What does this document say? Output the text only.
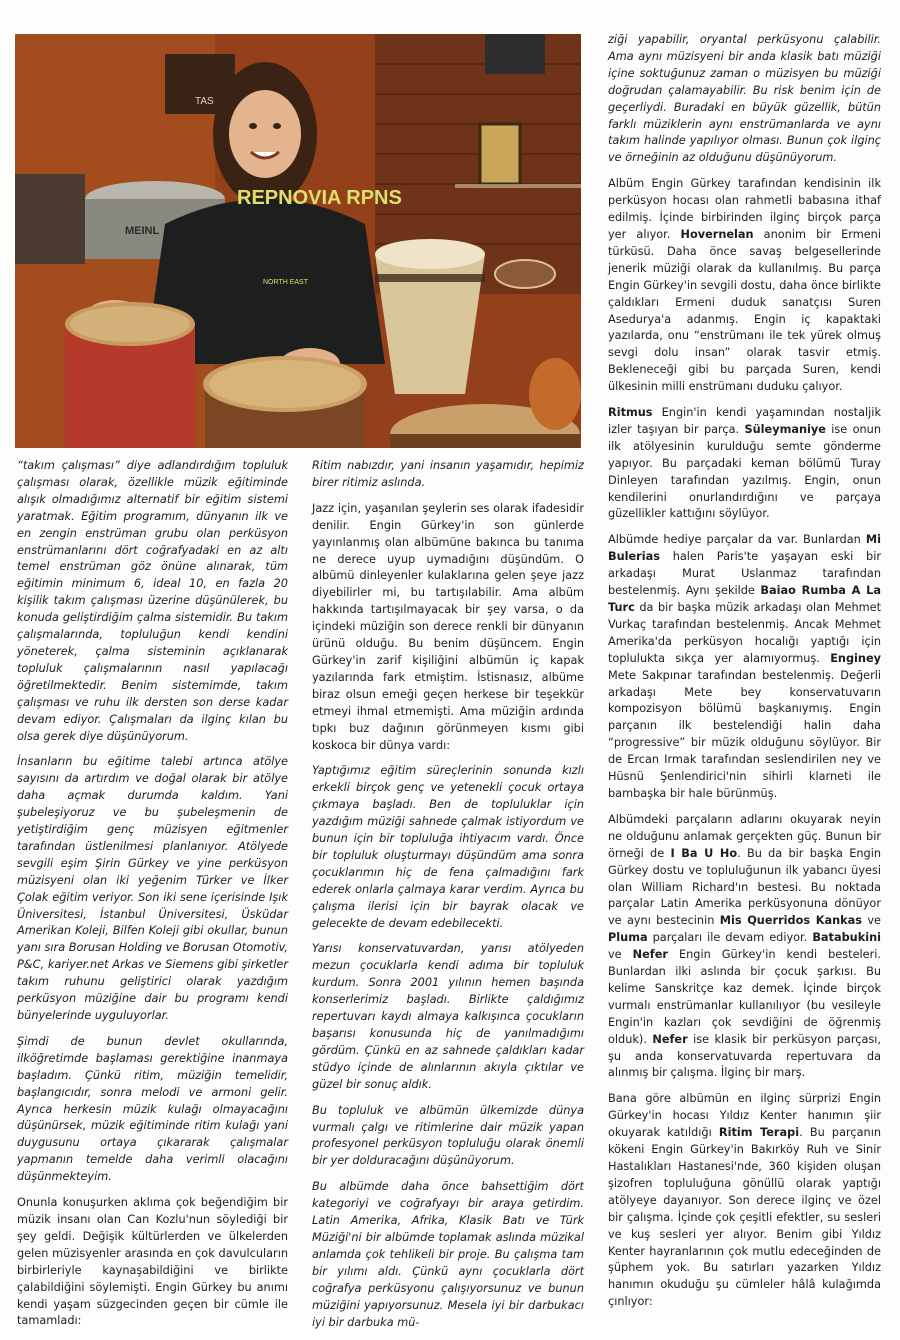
TAS
MEINL
REPNOVIA RPNS
NORTH EAST

“takım çalışması” diye adlandırdığım topluluk çalışması olarak, özellikle müzik eğitiminde alışık olmadığımız alternatif bir eğitim sistemi yaratmak. Eğitim programım, dünyanın ilk ve en zengin enstrüman grubu olan perküsyon enstrümanlarını dört coğrafyadaki en az altı temel enstrüman göz önüne alınarak, tüm eğitimin minimum 6, ideal 10, en fazla 20 kişilik takım çalışması üzerine düşünülerek, bu konuda geliştirdiğim çalma sistemidir. Bu takım çalışmalarında, topluluğun kendi kendini yöneterek, çalma sisteminin açıklanarak topluluk çalışmalarının nasıl yapılacağı öğretilmektedir. Benim sistemimde, takım çalışması ve ruhu ilk dersten son derse kadar devam ediyor. Çalışmaları da ilginç kılan bu olsa gerek diye düşünüyorum.

İnsanların bu eğitime talebi artınca atölye sayısını da artırdım ve doğal olarak bir atölye daha açmak durumda kaldım. Yani şubeleşiyoruz ve bu şubeleşmenin de yetiştirdiğim genç müzisyen eğitmenler tarafından üstlenilmesi planlanıyor. Atölyede sevgili eşim Şirin Gürkey ve yine perküsyon müzisyeni olan iki yeğenim Türker ve İlker Çolak eğitim veriyor. Son iki sene içerisinde Işık Üniversitesi, İstanbul Üniversitesi, Üsküdar Amerikan Koleji, Bilfen Koleji gibi okullar, bunun yanı sıra Borusan Holding ve Borusan Otomotiv, P&C, kariyer.net Arkas ve Siemens gibi şirketler takım ruhunu geliştirici olarak yazdığım perküsyon müziğine dair bu programı kendi bünyelerinde uyguluyorlar.

Şimdi de bunun devlet okullarında, ilköğretimde başlaması gerektiğine inanmaya başladım. Çünkü ritim, müziğin temelidir, başlangıcıdır, sonra melodi ve armoni gelir. Ayrıca herkesin müzik kulağı olmayacağını düşünürsek, müzik eğitiminde ritim kulağı yani duygusunu ortaya çıkararak çalışmalar yapmanın temelde daha verimli olacağını düşünmekteyim.

Onunla konuşurken aklıma çok beğendiğim bir müzik insanı olan Can Kozlu'nun söylediği bir şey geldi. Değişik kültürlerden ve ülkelerden gelen müzisyenler arasında en çok davulcuların birbirleriyle kaynaşabildiğini ve birlikte çalabildiğini söylemişti. Engin Gürkey bu anımı kendi yaşam süzgecinden geçen bir cümle ile tamamladı:

Ritim nabızdır, yani insanın yaşamıdır, hepimiz birer ritimiz aslında.

Jazz için, yaşanılan şeylerin ses olarak ifadesidir denilir. Engin Gürkey'in son günlerde yayınlanmış olan albümüne bakınca bu tanıma ne derece uyup uymadığını düşündüm. O albümü dinleyenler kulaklarına gelen şeye jazz diyebilirler mi, bu tartışılabilir. Ama albüm hakkında tartışılmayacak bir şey varsa, o da içindeki müziğin son derece renkli bir dünyanın ürünü olduğu. Bu benim düşüncem. Engin Gürkey'in zarif kişiliğini albümün iç kapak yazılarında fark etmiştim. İstisnasız, albüme biraz olsun emeği geçen herkese bir teşekkür etmeyi ihmal etmemişti. Ama müziğin ardında tıpkı buz dağının görünmeyen kısmı gibi koskoca bir dünya vardı:

Yaptığımız eğitim süreçlerinin sonunda kızlı erkekli birçok genç ve yetenekli çocuk ortaya çıkmaya başladı. Ben de topluluklar için yazdığım müziği sahnede çalmak istiyordum ve bunun için bir topluluğa ihtiyacım vardı. Önce bir topluluk oluşturmayı düşündüm ama sonra çocuklarımın hiç de fena çalmadığını fark ederek onlarla çalmaya karar verdim. Ayrıca bu çalışma ilerisi için bir bayrak olacak ve gelecekte de devam edebilecekti.

Yarısı konservatuvardan, yarısı atölyeden mezun çocuklarla kendi adıma bir topluluk kurdum. Sonra 2001 yılının hemen başında konserlerimiz başladı. Birlikte çaldığımız repertuvarı kaydı almaya kalkışınca çocukların başarısı konusunda hiç de yanılmadığımı gördüm. Çünkü en az sahnede çaldıkları kadar stüdyo içinde de alınlarının akıyla çıktılar ve güzel bir sonuç aldık.

Bu topluluk ve albümün ülkemizde dünya vurmalı çalgı ve ritimlerine dair müzik yapan profesyonel perküsyon topluluğu olarak önemli bir yer dolduracağını düşünüyorum.

Bu albümde daha önce bahsettiğim dört kategoriyi ve coğrafyayı bir araya getirdim. Latin Amerika, Afrika, Klasik Batı ve Türk Müziği'ni bir albümde toplamak aslında müzikal anlamda çok tehlikeli bir proje. Bu çalışma tam bir yılımı aldı. Çünkü aynı çocuklarla dört coğrafya perküsyonu çalışıyorsunuz ve bunun müziğini yapıyorsunuz. Mesela iyi bir darbukacı iyi bir darbuka mü-

ziği yapabilir, oryantal perküsyonu çalabilir. Ama aynı müzisyeni bir anda klasik batı müziği içine soktuğunuz zaman o müzisyen bu müziği doğrudan çalamayabilir. Bu risk benim için de geçerliydi. Buradaki en büyük güzellik, bütün farklı müziklerin aynı enstrümanlarda ve aynı takım halinde yapılıyor olması. Bunun çok ilginç ve örneğinin az olduğunu düşünüyorum.

Albüm Engin Gürkey tarafından kendisinin ilk perküsyon hocası olan rahmetli babasına ithaf edilmiş. İçinde birbirinden ilginç birçok parça yer alıyor. Hovernelan anonim bir Ermeni türküsü. Daha önce savaş belgesellerinde jenerik müziği olarak da kullanılmış. Bu parça Engin Gürkey'in sevgili dostu, daha önce birlikte çaldıkları Ermeni duduk sanatçısı Suren Asedurya'a adanmış. Engin iç kapaktaki yazılarda, onu “enstrümanı ile tek yürek olmuş sevgi dolu insan” olarak tasvir etmiş. Bekleneceği gibi bu parçada Suren, kendi ülkesinin milli enstrümanı duduku çalıyor.

Ritmus Engin'in kendi yaşamından nostaljik izler taşıyan bir parça. Süleymaniye ise onun ilk atölyesinin kurulduğu semte gönderme yapıyor. Bu parçadaki keman bölümü Turay Dinleyen tarafından yazılmış. Engin, onun kendilerini onurlandırdığını ve parçaya güzellikler kattığını söylüyor.

Albümde hediye parçalar da var. Bunlardan Mi Bulerias halen Paris'te yaşayan eski bir arkadaşı Murat Uslanmaz tarafından bestelenmiş. Aynı şekilde Baiao Rumba A La Turc da bir başka müzik arkadaşı olan Mehmet Vurkaç tarafından bestelenmiş. Ancak Mehmet Amerika'da perküsyon hocalığı yaptığı için toplulukta sıkça yer alamıyormuş. Enginey Mete Sakpınar tarafından bestelenmiş. Değerli arkadaşı Mete bey konservatuvarın kompozisyon bölümü başkanıymış. Engin parçanın ilk bestelendiği halin daha “progressive” bir müzik olduğunu söylüyor. Bir de Ercan Irmak tarafından seslendirilen ney ve Hüsnü Şenlendirici'nin sihirli klarneti ile bambaşka bir hale bürünmüş.

Albümdeki parçaların adlarını okuyarak neyin ne olduğunu anlamak gerçekten güç. Bunun bir örneği de I Ba U Ho. Bu da bir başka Engin Gürkey dostu ve topluluğunun ilk yabancı üyesi olan William Richard'ın bestesi. Bu noktada parçalar Latin Amerika perküsyonuna dönüyor ve aynı bestecinin Mis Querridos Kankas ve Pluma parçaları ile devam ediyor. Batabukini ve Nefer Engin Gürkey'in kendi besteleri. Bunlardan ilki aslında bir çocuk şarkısı. Bu kelime Sanskritçe kaz demek. İçinde birçok vurmalı enstrümanlar kullanılıyor (bu vesileyle Engin'in kazları çok sevdiğini de öğrenmiş olduk). Nefer ise klasik bir perküsyon parçası, şu anda konservatuvarda repertuvara da alınmış bir çalışma. İlginç bir marş.

Bana göre albümün en ilginç sürprizi Engin Gürkey'in hocası Yıldız Kenter hanımın şiir okuyarak katıldığı Ritim Terapi. Bu parçanın kökeni Engin Gürkey'in Bakırköy Ruh ve Sinir Hastalıkları Hastanesi'nde, 360 kişiden oluşan şizofren topluluğuna gönüllü olarak yaptığı atölyeye dayanıyor. Son derece ilginç ve özel bir çalışma. İçinde çok çeşitli efektler, su sesleri ve kuş sesleri yer alıyor. Benim gibi Yıldız Kenter hayranlarının çok mutlu edeceğinden de şüphem yok. Bu satırları yazarken Yıldız hanımın okuduğu şu cümleler hâlâ kulağımda çınlıyor:
